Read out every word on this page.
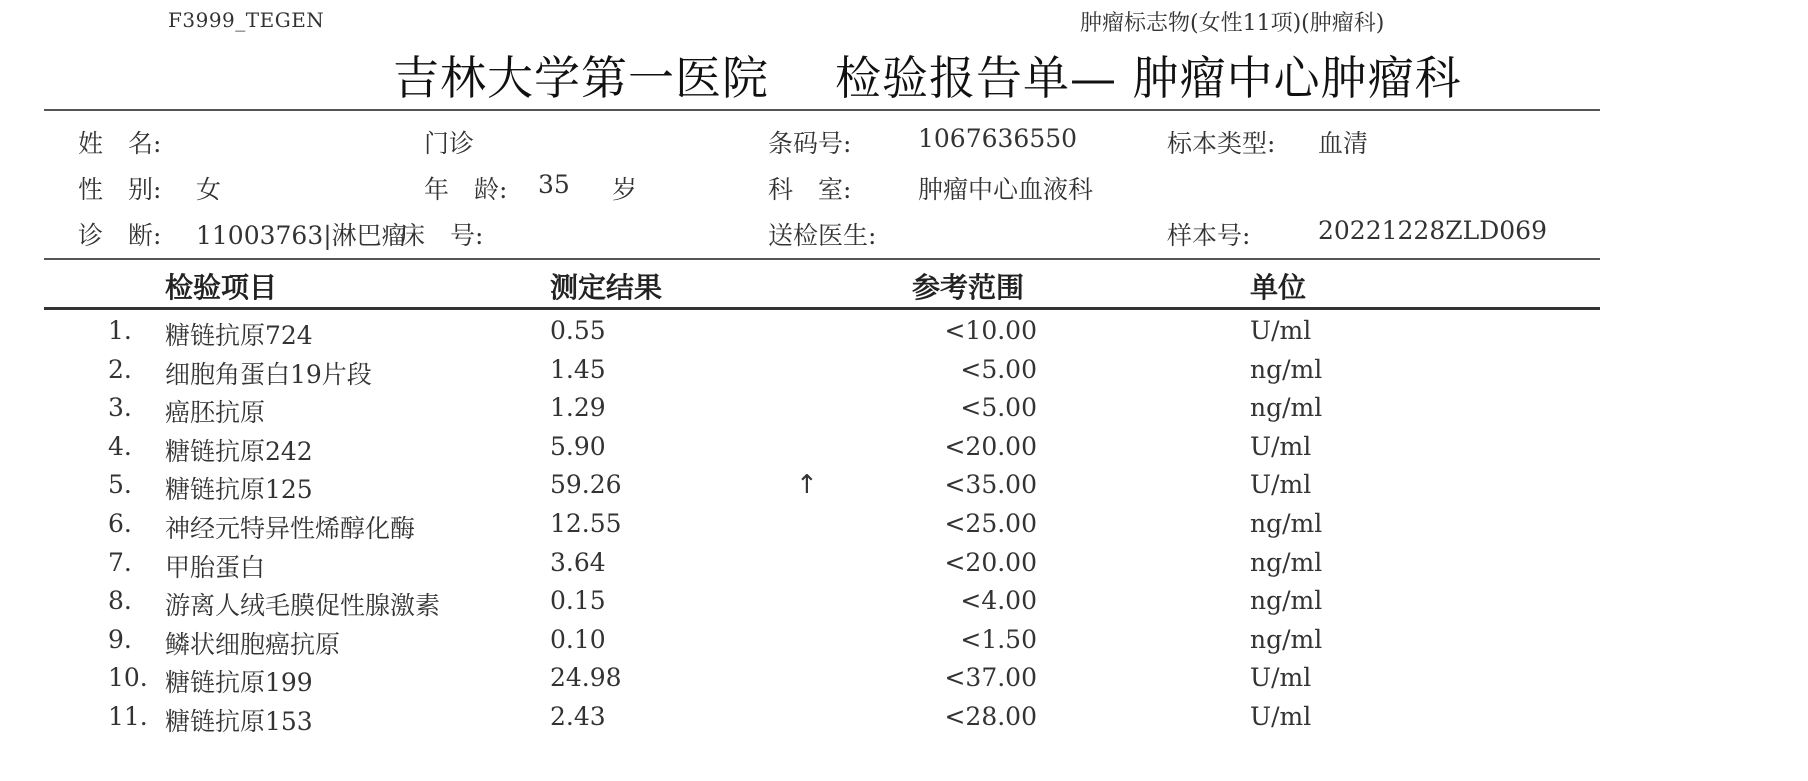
F3999_TEGEN	肿瘤标志物(女性11项)(肿瘤科)
吉林大学第一医院 检验报告单— 肿瘤中心肿瘤科
姓　名:	门诊	条码号:	1067636550	标本类型: 血清
性　别: 女	年　龄: 35 岁	科　室:	肿瘤中心血液科
诊　断: 11003763|淋巴瘤
床　号:	送检医生:	样本号:	20221228ZLD069
检验项目	测定结果	参考范围	单位
1.	糖链抗原724	0.55	<10.00	U/ml
2.	细胞角蛋白19片段	1.45	<5.00	ng/ml
3.	癌胚抗原	1.29	<5.00	ng/ml
4.	糖链抗原242	5.90	<20.00	U/ml
5.	糖链抗原125	59.26	↑	<35.00	U/ml
6.	神经元特异性烯醇化酶	12.55	<25.00	ng/ml
7.	甲胎蛋白	3.64	<20.00	ng/ml
8.	游离人绒毛膜促性腺激素	0.15	<4.00	ng/ml
9.	鳞状细胞癌抗原	0.10	<1.50	ng/ml
10. 糖链抗原199	24.98	<37.00	U/ml
11. 糖链抗原153	2.43	<28.00	U/ml
